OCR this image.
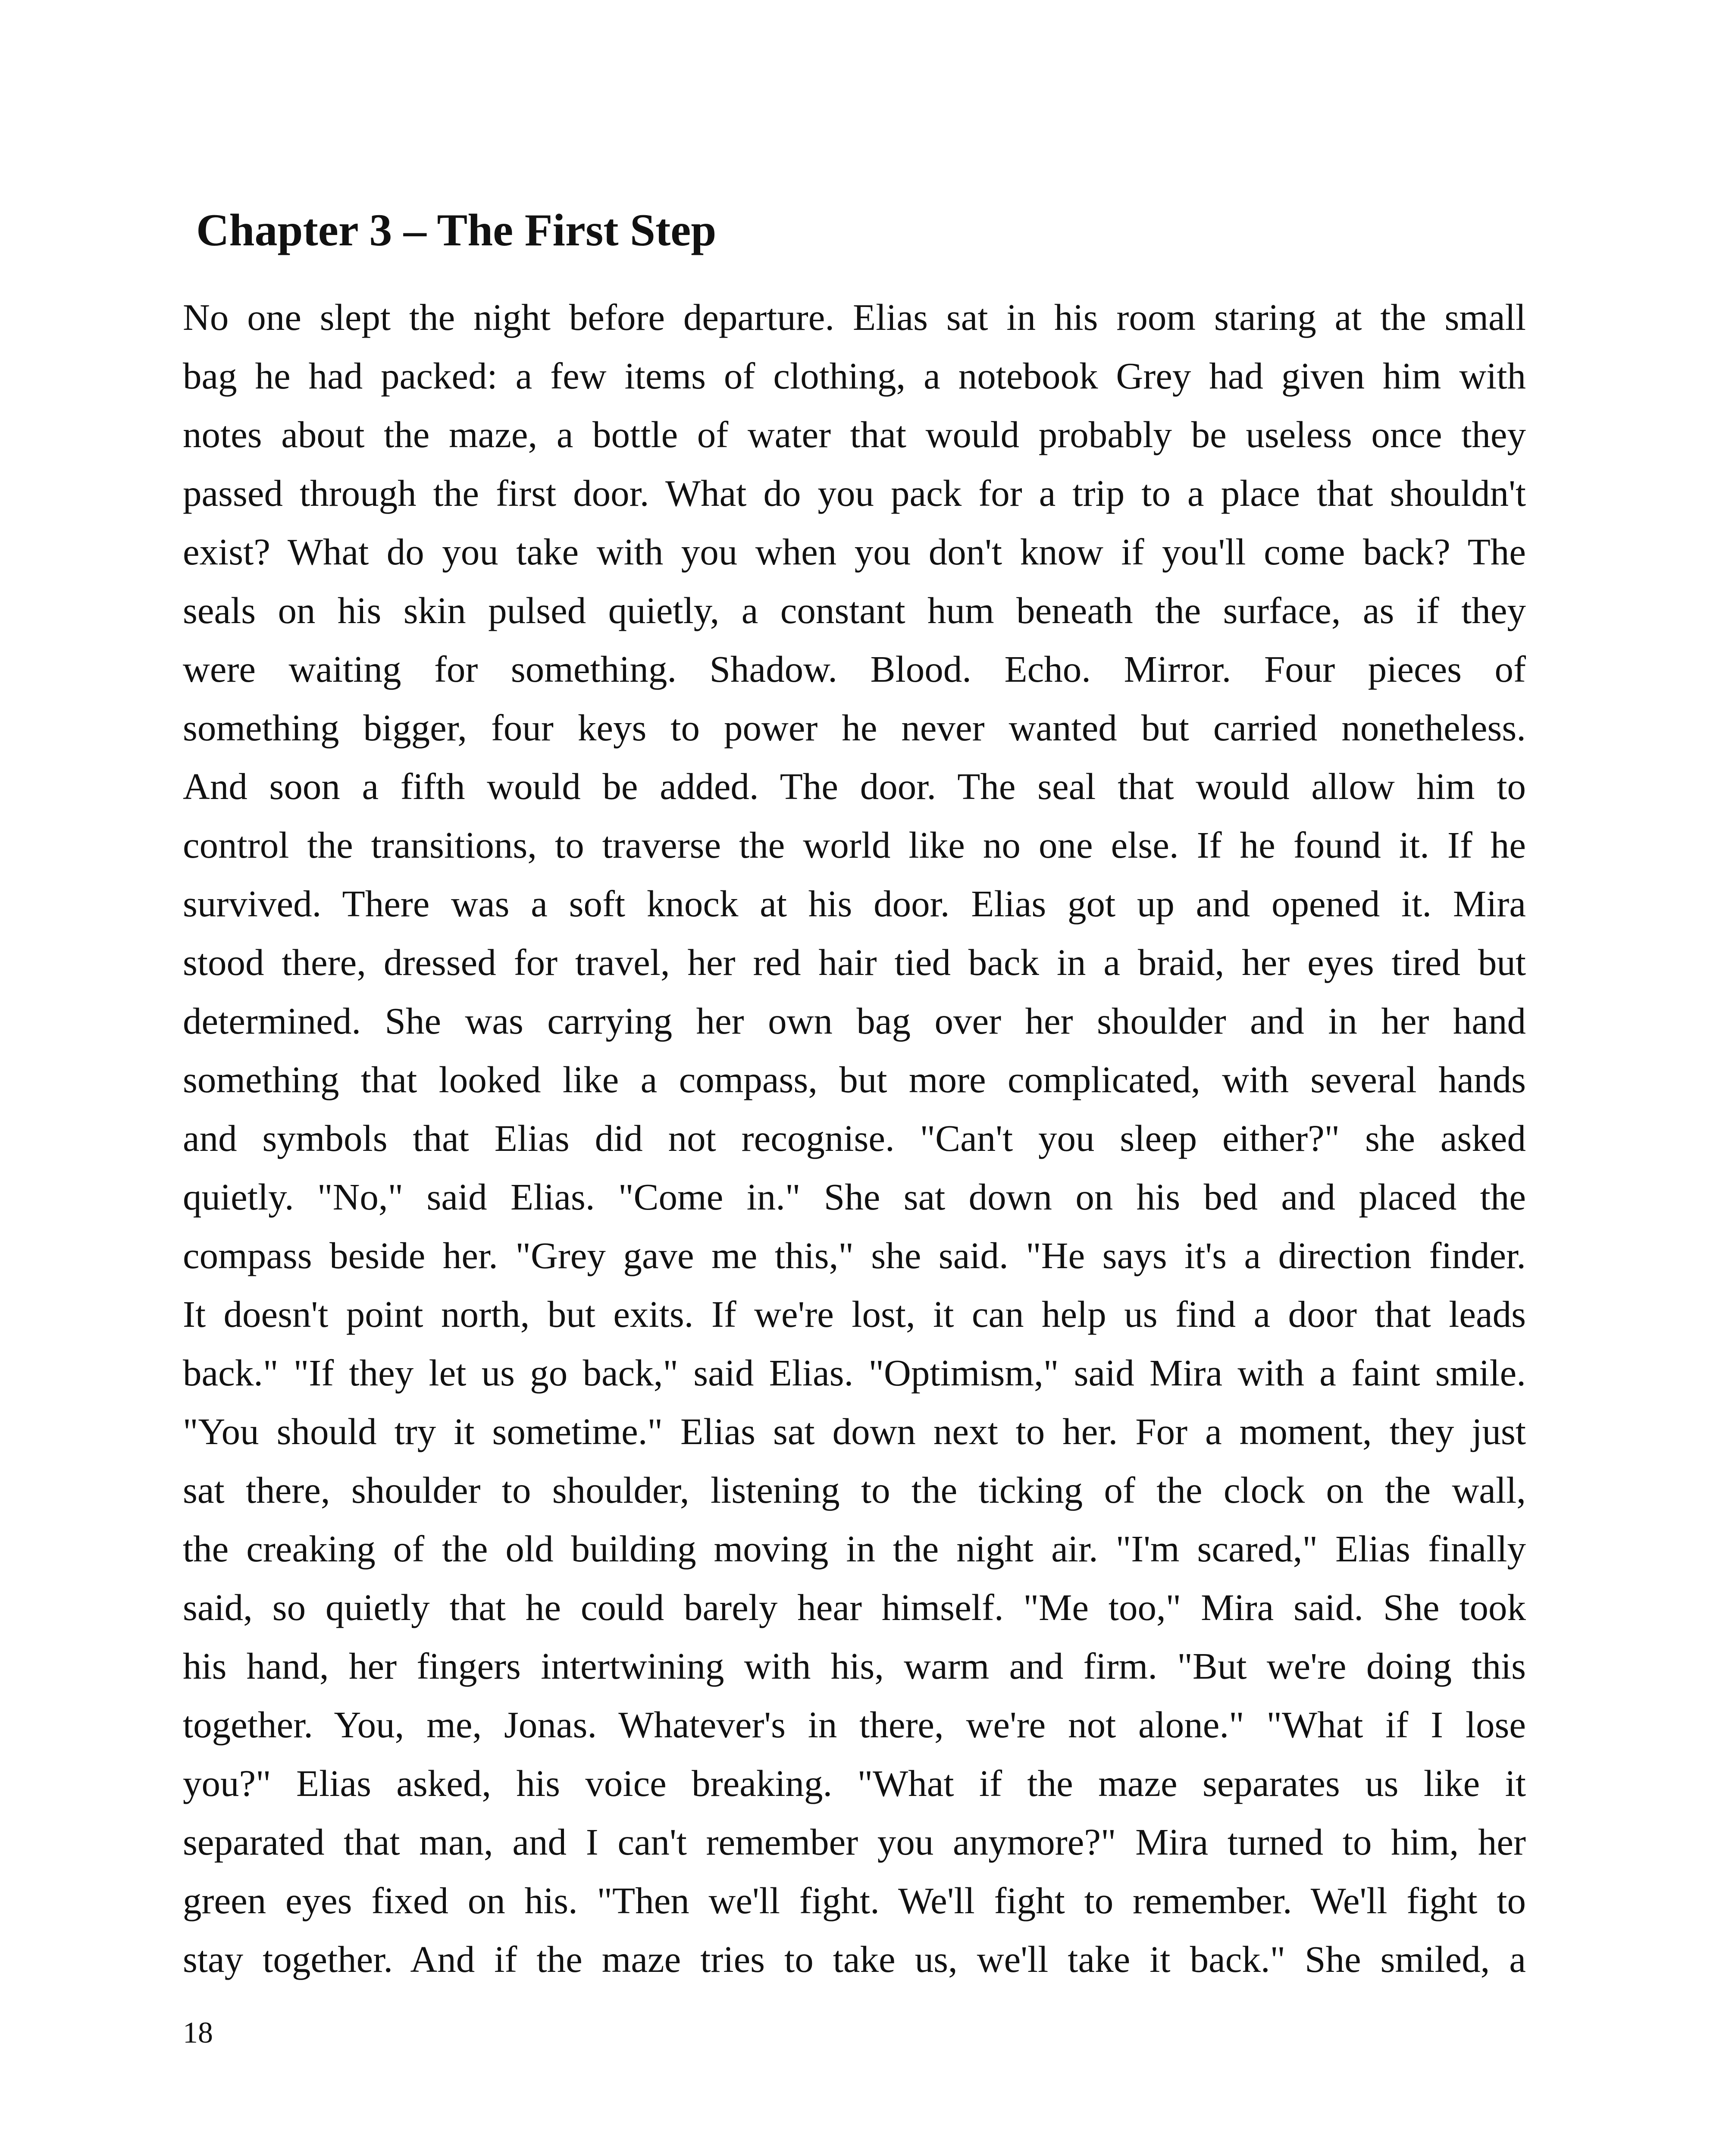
Chapter 3 – The First Step
No one slept the night before departure. Elias sat in his room staring at the small
bag he had packed: a few items of clothing, a notebook Grey had given him with
notes about the maze, a bottle of water that would probably be useless once they
passed through the first door. What do you pack for a trip to a place that shouldn't
exist? What do you take with you when you don't know if you'll come back? The
seals on his skin pulsed quietly, a constant hum beneath the surface, as if they
were waiting for something. Shadow. Blood. Echo. Mirror. Four pieces of
something bigger, four keys to power he never wanted but carried nonetheless.
And soon a fifth would be added. The door. The seal that would allow him to
control the transitions, to traverse the world like no one else. If he found it. If he
survived. There was a soft knock at his door. Elias got up and opened it. Mira
stood there, dressed for travel, her red hair tied back in a braid, her eyes tired but
determined. She was carrying her own bag over her shoulder and in her hand
something that looked like a compass, but more complicated, with several hands
and symbols that Elias did not recognise. "Can't you sleep either?" she asked
quietly. "No," said Elias. "Come in." She sat down on his bed and placed the
compass beside her. "Grey gave me this," she said. "He says it's a direction finder.
It doesn't point north, but exits. If we're lost, it can help us find a door that leads
back." "If they let us go back," said Elias. "Optimism," said Mira with a faint smile.
"You should try it sometime." Elias sat down next to her. For a moment, they just
sat there, shoulder to shoulder, listening to the ticking of the clock on the wall,
the creaking of the old building moving in the night air. "I'm scared," Elias finally
said, so quietly that he could barely hear himself. "Me too," Mira said. She took
his hand, her fingers intertwining with his, warm and firm. "But we're doing this
together. You, me, Jonas. Whatever's in there, we're not alone." "What if I lose
you?" Elias asked, his voice breaking. "What if the maze separates us like it
separated that man, and I can't remember you anymore?" Mira turned to him, her
green eyes fixed on his. "Then we'll fight. We'll fight to remember. We'll fight to
stay together. And if the maze tries to take us, we'll take it back." She smiled, a
18
